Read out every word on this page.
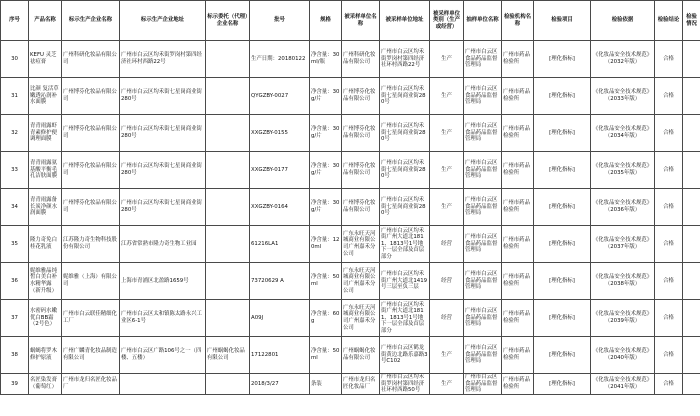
序号	产品名称	标示生产企业名称	标示生产企业地址	标示委托（代理）企业名称	批号	规格	被采样单位名称	被采样单位地址	被采样单位类别（生产或经营）	抽样单位名称	检验机构名称	检验项目	检验依据	检验结论	检验情况
30	KEFU 灵芝祛痘膏	广州科研化妆品有限公司	广州市白云区均禾街罗岗村第四经济社环村西路22号		生产日期：20180122	净含量：30ml/瓶	广州科研化妆品有限公司	广州市白云区均禾街罗岗村第四经济社环村西路22号	生产	广州市白云区食品药品监督管理局	广州市药品检验所	[理化指标]	《化妆品安全技术规范》（2032年版）	合格	
31	比颜 复活草嫩透沁润补水面膜	广州博芬化妆品有限公司	广州市白云区均禾街七星岗商业街280号		QYGZBY-0027	净含量：30g/片	广州博芬化妆品有限公司	广州市白云区均禾街七星岗商业街280号	生产	广州市白云区食品药品监督管理局	广州市药品检验所	[理化指标]	《化妆品安全技术规范》（2033年版）	合格	
32	青青雨露虾青素修护便调理面膜	广州博芬化妆品有限公司	广州市白云区均禾街七星岗商业街280号		XXGZBY-0155	净含量：30g/片	广州博芬化妆品有限公司	广州市白云区均禾街七星岗商业街280号	生产	广州市白云区食品药品监督管理局	广州市药品检验所	[理化指标]	《化妆品安全技术规范》（2034年版）	合格	
33	青青雨露氨基酸平衡毛孔洁肤面膜	广州博芬化妆品有限公司	广州市白云区均禾街七星岗商业街280号		XXGZBY-0177	净含量：30g/片	广州博芬化妆品有限公司	广州市白云区均禾街七星岗商业街280号	生产	广州市白云区食品药品监督管理局	广州市药品检验所	[理化指标]	《化妆品安全技术规范》（2035年版）	合格	
34	青青雨露备长炭净颜水润面膜	广州博芬化妆品有限公司	广州市白云区均禾街七星岗商业街280号		XXGZBY-0164	净含量：30g/片	广州博芬化妆品有限公司	广州市白云区均禾街七星岗商业街280号	生产	广州市白云区食品药品监督管理局	广州市药品检验所	[理化指标]	《化妆品安全技术规范》（2036年版）	合格	
35	隆力奇免白桂花乳液	江苏隆力奇生物科技股份有限公司	江苏省常熟市隆力奇生物工业园		61216LA1	净含量：120ml	广东永旺天河城商业有限公司广州嘉禾分公司	广州市白云区均禾街广州大道北1811、1813号1号地下一层全部及首层部分	经营	广州市白云区食品药品监督管理局	广州市药品检验所	[理化指标]	《化妆品安全技术规范》（2037年版）	合格	
36	妮维雅晶纯皙白美白补水精华露（新升级）	妮维雅（上海）有限公司	上海市青浦区北盈路1659号		73720629 A	净含量：50ml	广东永旺天河城商业有限公司广州嘉禾分公司	广州市白云区均禾街广州大道北1419号三层至负三层	经营	广州市白云区食品药品监督管理局	广州市药品检验所	[理化指标]	《化妆品安全技术规范》（2038年版）	合格	
37	水密码水嫩优白BB霜（2号色）	广州市白云联佳精细化工厂	广州市白云区太和镇陈太路永兴工业区6-1号		A09J	净含量：60g	广东永旺天河城商业有限公司广州嘉禾分公司	广州市白云区均禾街广州大道北1811、1813号1号地下一层全部及首层部分	经营	广州市白云区食品药品监督管理局	广州市药品检验所	[理化指标]	《化妆品安全技术规范》（2039年版）	合格	
38	蜗蝎将罗木修护原液	广州广麟青化妆品制造有限公司	广州市白云区广路106号之一（四楼、五楼）	广州蜗蝎化妆品有限公司	17122801	净含量：50ml	广州蜗蝎化妆品有限公司	广州市白云区鹤龙街黄边北路乐嘉路3号C102	生产	广州市白云区食品药品监督管理局	广州市药品检验所	[理化指标]	《化妆品安全技术规范》（2040年版）	合格	
39	名匠染发膏（葡萄红）	广州市龙归名匠化妆品厂			2018/3/27	条装	广州市龙归名匠化妆品厂	广州市白云区均禾街罗岗村第四经济社环村西路50号	生产	广州市白云区食品药品监督管理局	广州市药品检验所	[理化指标]	《化妆品安全技术规范》（2041年版）	合格	
